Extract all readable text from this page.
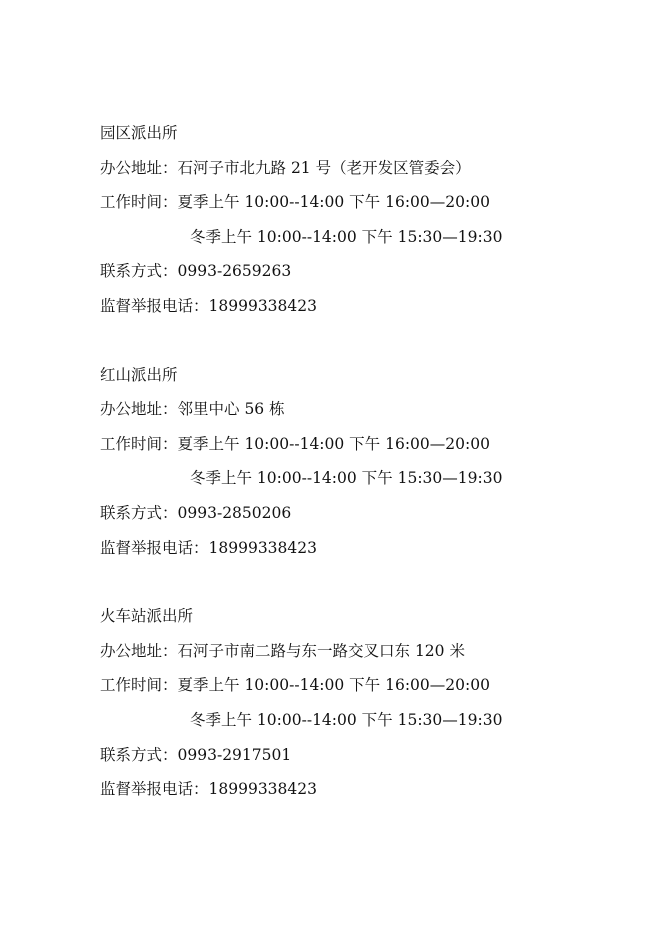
园区派出所
办公地址：石河子市北九路 21 号（老开发区管委会）
工作时间：夏季上午 10:00--14:00 下午 16:00—20:00
冬季上午 10:00--14:00 下午 15:30—19:30
联系方式：0993-2659263
监督举报电话：18999338423
红山派出所
办公地址：邻里中心 56 栋
工作时间：夏季上午 10:00--14:00 下午 16:00—20:00
冬季上午 10:00--14:00 下午 15:30—19:30
联系方式：0993-2850206
监督举报电话：18999338423
火车站派出所
办公地址：石河子市南二路与东一路交叉口东 120 米
工作时间：夏季上午 10:00--14:00 下午 16:00—20:00
冬季上午 10:00--14:00 下午 15:30—19:30
联系方式：0993-2917501
监督举报电话：18999338423
